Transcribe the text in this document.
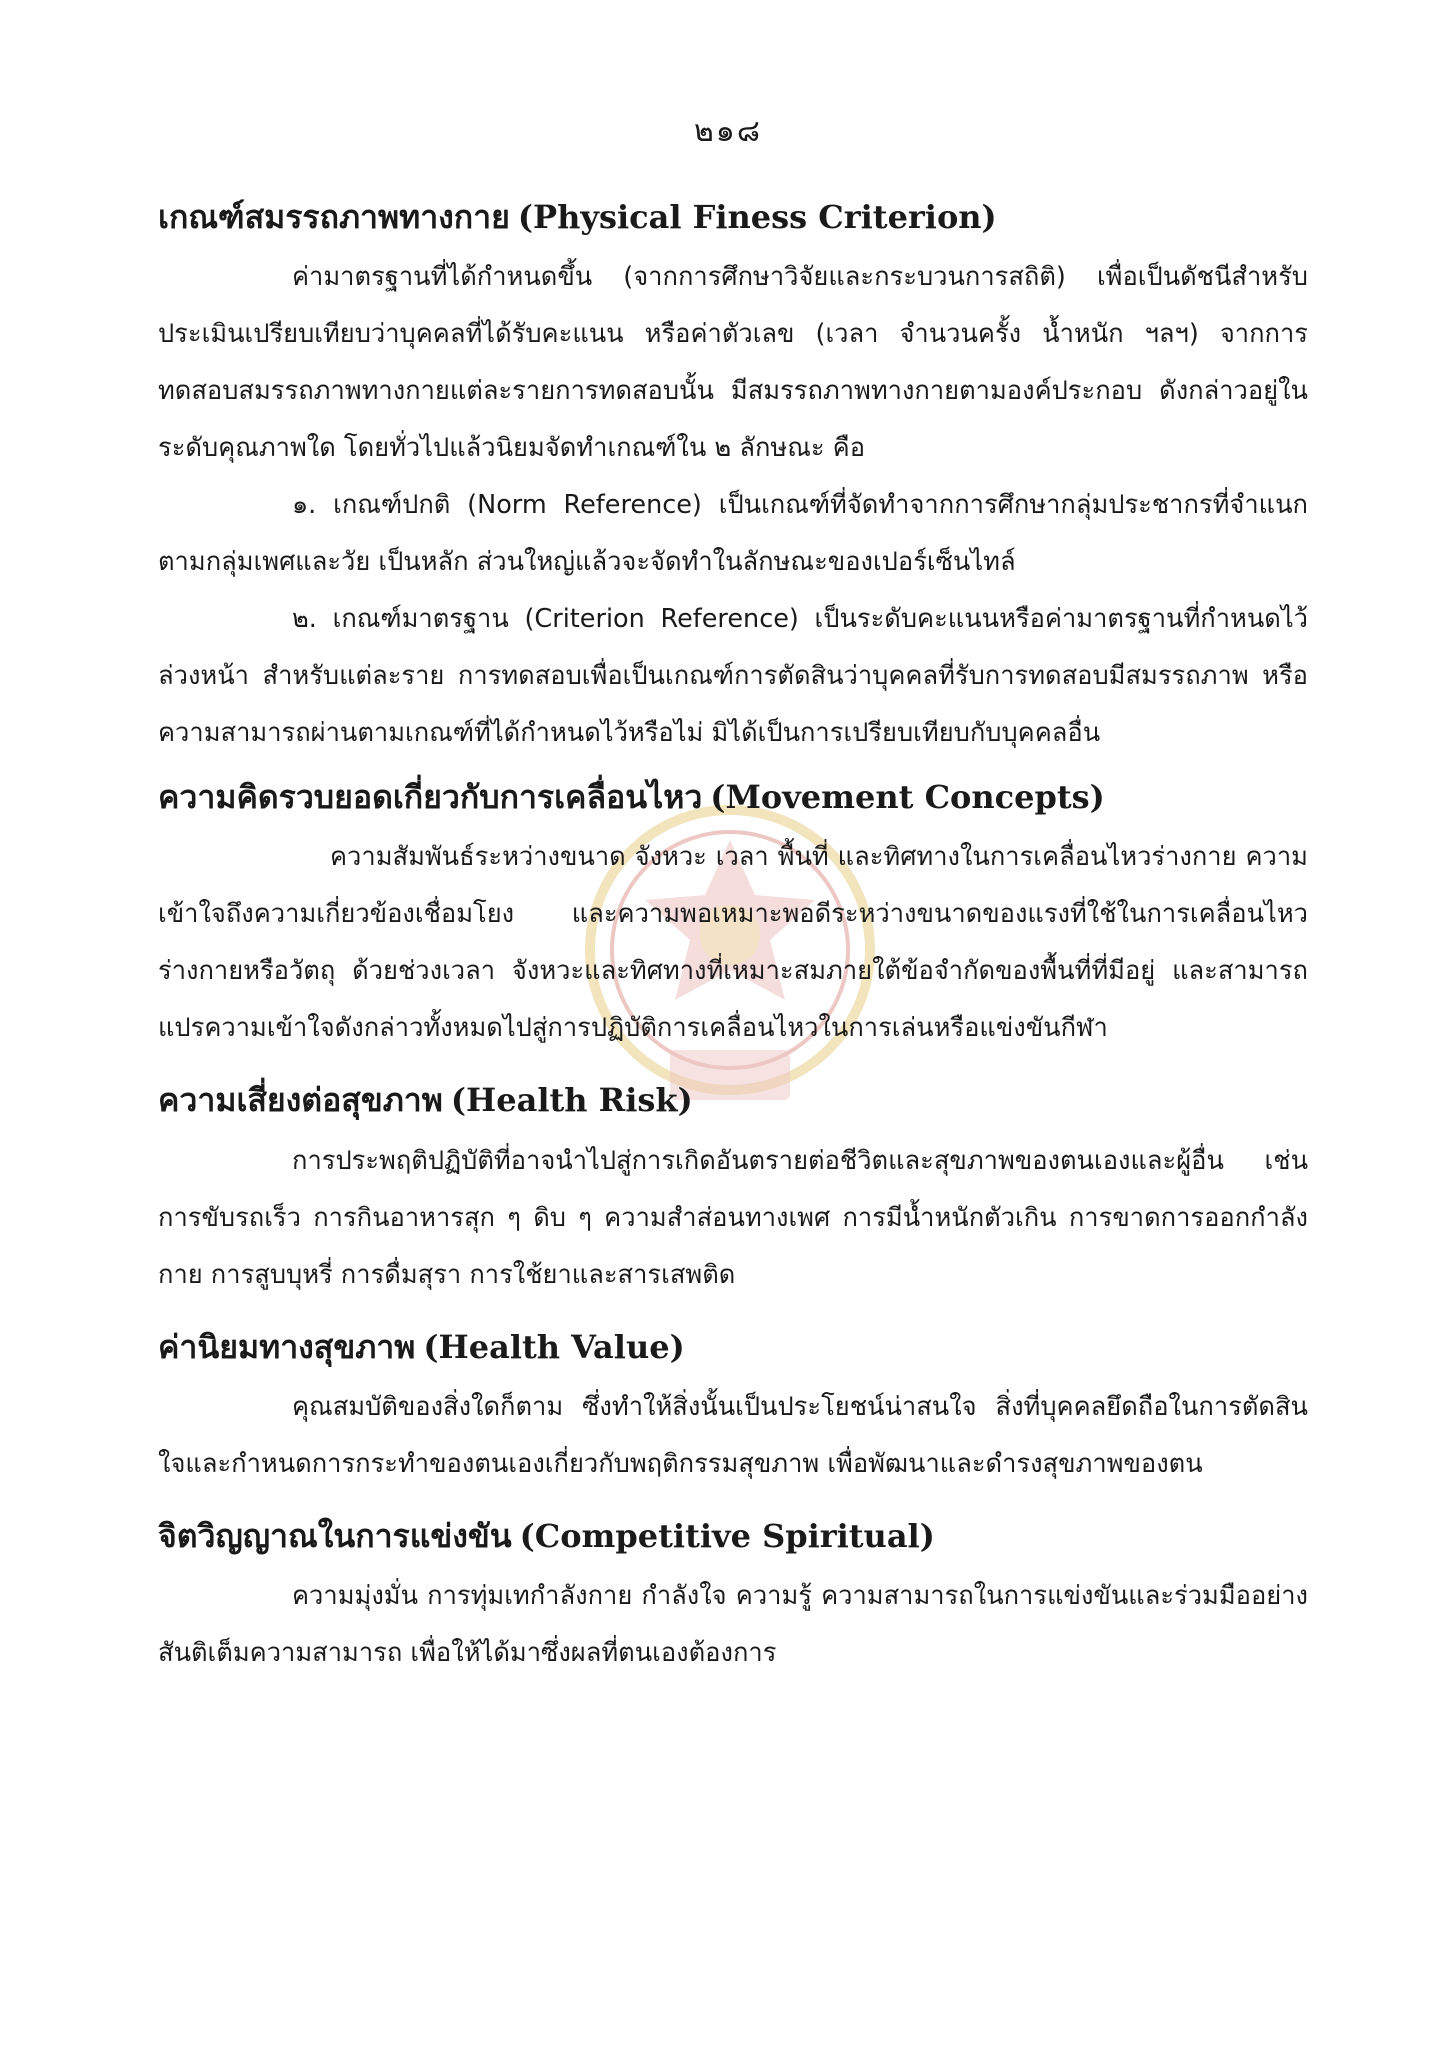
๒๑๘
เกณฑ์สมรรถภาพทางกาย (Physical Finess Criterion)

ค่ามาตรฐานที่ได้กำหนดขึ้น (จากการศึกษาวิจัยและกระบวนการสถิติ) เพื่อเป็นดัชนีสำหรับประเมินเปรียบเทียบว่าบุคคลที่ได้รับคะแนน หรือค่าตัวเลข (เวลา จำนวนครั้ง น้ำหนัก ฯลฯ) จากการทดสอบสมรรถภาพทางกายแต่ละรายการทดสอบนั้น มีสมรรถภาพทางกายตามองค์ประกอบ ดังกล่าวอยู่ในระดับคุณภาพใด โดยทั่วไปแล้วนิยมจัดทำเกณฑ์ใน ๒ ลักษณะ คือ

๑. เกณฑ์ปกติ (Norm Reference) เป็นเกณฑ์ที่จัดทำจากการศึกษากลุ่มประชากรที่จำแนกตามกลุ่มเพศและวัย เป็นหลัก ส่วนใหญ่แล้วจะจัดทำในลักษณะของเปอร์เซ็นไทล์

๒. เกณฑ์มาตรฐาน (Criterion Reference) เป็นระดับคะแนนหรือค่ามาตรฐานที่กำหนดไว้ล่วงหน้า สำหรับแต่ละราย การทดสอบเพื่อเป็นเกณฑ์การตัดสินว่าบุคคลที่รับการทดสอบมีสมรรถภาพ หรือความสามารถผ่านตามเกณฑ์ที่ได้กำหนดไว้หรือไม่ มิได้เป็นการเปรียบเทียบกับบุคคลอื่น

ความคิดรวบยอดเกี่ยวกับการเคลื่อนไหว (Movement Concepts)

ความสัมพันธ์ระหว่างขนาด จังหวะ เวลา พื้นที่ และทิศทางในการเคลื่อนไหวร่างกาย ความเข้าใจถึงความเกี่ยวข้องเชื่อมโยง และความพอเหมาะพอดีระหว่างขนาดของแรงที่ใช้ในการเคลื่อนไหวร่างกายหรือวัตถุ ด้วยช่วงเวลา จังหวะและทิศทางที่เหมาะสมภายใต้ข้อจำกัดของพื้นที่ที่มีอยู่ และสามารถแปรความเข้าใจดังกล่าวทั้งหมดไปสู่การปฏิบัติการเคลื่อนไหวในการเล่นหรือแข่งขันกีฬา

ความเสี่ยงต่อสุขภาพ (Health Risk)

การประพฤติปฏิบัติที่อาจนำไปสู่การเกิดอันตรายต่อชีวิตและสุขภาพของตนเองและผู้อื่น เช่น การขับรถเร็ว การกินอาหารสุก ๆ ดิบ ๆ ความสำส่อนทางเพศ การมีน้ำหนักตัวเกิน การขาดการออกกำลังกาย การสูบบุหรี่ การดื่มสุรา การใช้ยาและสารเสพติด

ค่านิยมทางสุขภาพ (Health Value)

คุณสมบัติของสิ่งใดก็ตาม ซึ่งทำให้สิ่งนั้นเป็นประโยชน์น่าสนใจ สิ่งที่บุคคลยึดถือในการตัดสินใจและกำหนดการกระทำของตนเองเกี่ยวกับพฤติกรรมสุขภาพ เพื่อพัฒนาและดำรงสุขภาพของตน

จิตวิญญาณในการแข่งขัน (Competitive Spiritual)

ความมุ่งมั่น การทุ่มเทกำลังกาย กำลังใจ ความรู้ ความสามารถในการแข่งขันและร่วมมืออย่างสันติเต็มความสามารถ เพื่อให้ได้มาซึ่งผลที่ตนเองต้องการ
